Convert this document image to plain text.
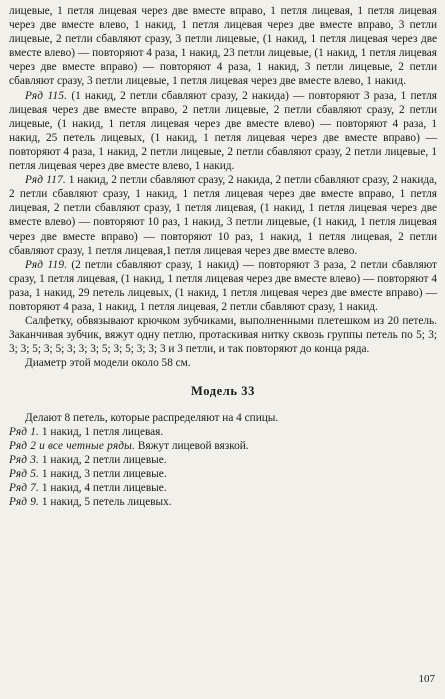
лицевые, 1 петля лицевая через две вместе вправо, 1 петля лицевая, 1 петля лицевая через две вместе влево, 1 накид, 1 петля лицевая через две вместе вправо, 3 петли лицевые, 2 петли сбавляют сразу, 3 петли лицевые, (1 накид, 1 петля лицевая через две вместе влево) — повторяют 4 раза, 1 накид, 23 петли лицевые, (1 накид, 1 петля лицевая через две вместе вправо) — повторяют 4 раза, 1 накид, 3 петли лицевые, 2 петли сбавляют сразу, 3 петли лицевые, 1 петля лицевая через две вместе влево, 1 накид.

Ряд 115. (1 накид, 2 петли сбавляют сразу, 2 накида) — повторяют 3 раза, 1 петля лицевая через две вместе вправо, 2 петли лицевые, 2 петли сбавляют сразу, 2 петли лицевые, (1 накид, 1 петля лицевая через две вместе влево) — повторяют 4 раза, 1 накид, 25 петель лицевых, (1 накид, 1 петля лицевая через две вместе вправо) — повторяют 4 раза, 1 накид, 2 петли лицевые, 2 петли сбавляют сразу, 2 петли лицевые, 1 петля лицевая через две вместе влево, 1 накид.

Ряд 117. 1 накид, 2 петли сбавляют сразу, 2 накида, 2 петли сбавляют сразу, 2 накида, 2 петли сбавляют сразу, 1 накид, 1 петля лицевая через две вместе вправо, 1 петля лицевая, 2 петли сбавляют сразу, 1 петля лицевая, (1 накид, 1 петля лицевая через две вместе влево) — повторяют 10 раз, 1 накид, 3 петли лицевые, (1 накид, 1 петля лицевая через две вместе вправо) — повторяют 10 раз, 1 накид, 1 петля лицевая, 2 петли сбавляют сразу, 1 петля лицевая,1 петля лицевая через две вместе влево.

Ряд 119. (2 петли сбавляют сразу, 1 накид) — повторяют 3 раза, 2 петли сбавляют сразу, 1 петля лицевая, (1 накид, 1 петля лицевая через две вместе влево) — повторяют 4 раза, 1 накид, 29 петель лицевых, (1 накид, 1 петля лицевая через две вместе вправо) — повторяют 4 раза, 1 накид, 1 петля лицевая, 2 петли сбавляют сразу, 1 накид.

Салфетку, обвязывают крючком зубчиками, выполненными плетешком из 20 петель. Заканчивая зубчик, вяжут одну петлю, протаскивая нитку сквозь группы петель по 5; 3; 3; 3; 5; 3; 5; 3; 3; 3; 5; 3; 5; 3; 3; 3 и 3 петли, и так повторяют до конца ряда.

Диаметр этой модели около 58 см.

Модель 33

Делают 8 петель, которые распределяют на 4 спицы.

Ряд 1. 1 накид, 1 петля лицевая.
Ряд 2 и все четные ряды. Вяжут лицевой вязкой.
Ряд 3. 1 накид, 2 петли лицевые.
Ряд 5. 1 накид, 3 петли лицевые.
Ряд 7. 1 накид, 4 петли лицевые.
Ряд 9. 1 накид, 5 петель лицевых.
107
